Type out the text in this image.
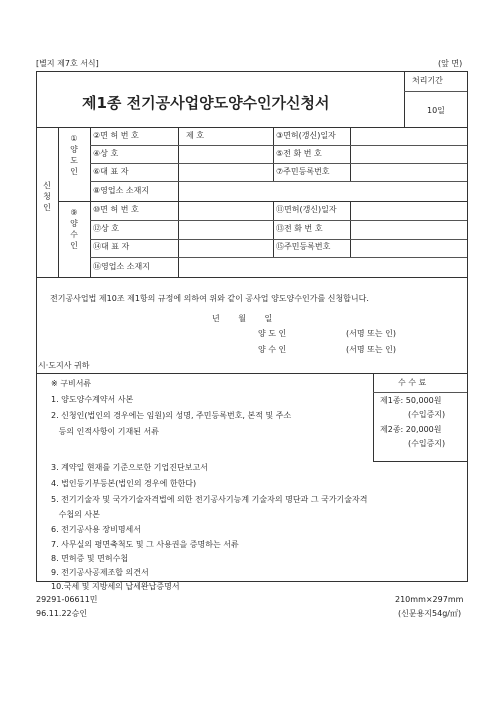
[별지 제7호 서식]	(앞 면)
제1종 전기공사업양도양수인가신청서
처리기간
10일
신 청 인
① 양 도 인
⑨ 양 수 인
②면 허 번 호	제 호	③면허(갱신)일자
④상 호	⑤전 화 번 호
⑥대 표 자	⑦주민등록번호
⑧영업소 소재지
⑩면 허 번 호	⑪면허(갱신)일자
⑫상 호	⑬전 화 번 호
⑭대 표 자	⑮주민등록번호
⑯영업소 소재지
전기공사업법 제10조 제1항의 규정에 의하여 위와 같이 공사업 양도양수인가를 신청합니다.
년 월 일
양 도 인	(서명 또는 인)
양 수 인	(서명 또는 인)
시·도지사 귀하
※ 구비서류
1. 양도양수계약서 사본
2. 신청인(법인의 경우에는 임원)의 성명, 주민등록번호, 본적 및 주소
등의 인적사항이 기재된 서류
3. 계약일 현재를 기준으로한 기업진단보고서
4. 법인등기부등본(법인의 경우에 한한다)
5. 전기기술자 및 국가기술자격법에 의한 전기공사기능계 기술자의 명단과 그 국가기술자격
수첩의 사본
6. 전기공사용 장비명세서
7. 사무실의 평면축척도 및 그 사용권을 증명하는 서류
8. 면허증 및 면허수첩
9. 전기공사공제조합 의견서
10.국세 및 지방세의 납세완납증명서
수 수 료
제1종: 50,000원
(수입증지)
제2종: 20,000원
(수입증지)
29291-06611민
96.11.22승인
210mm×297mm
(신문용지54g/㎡)
